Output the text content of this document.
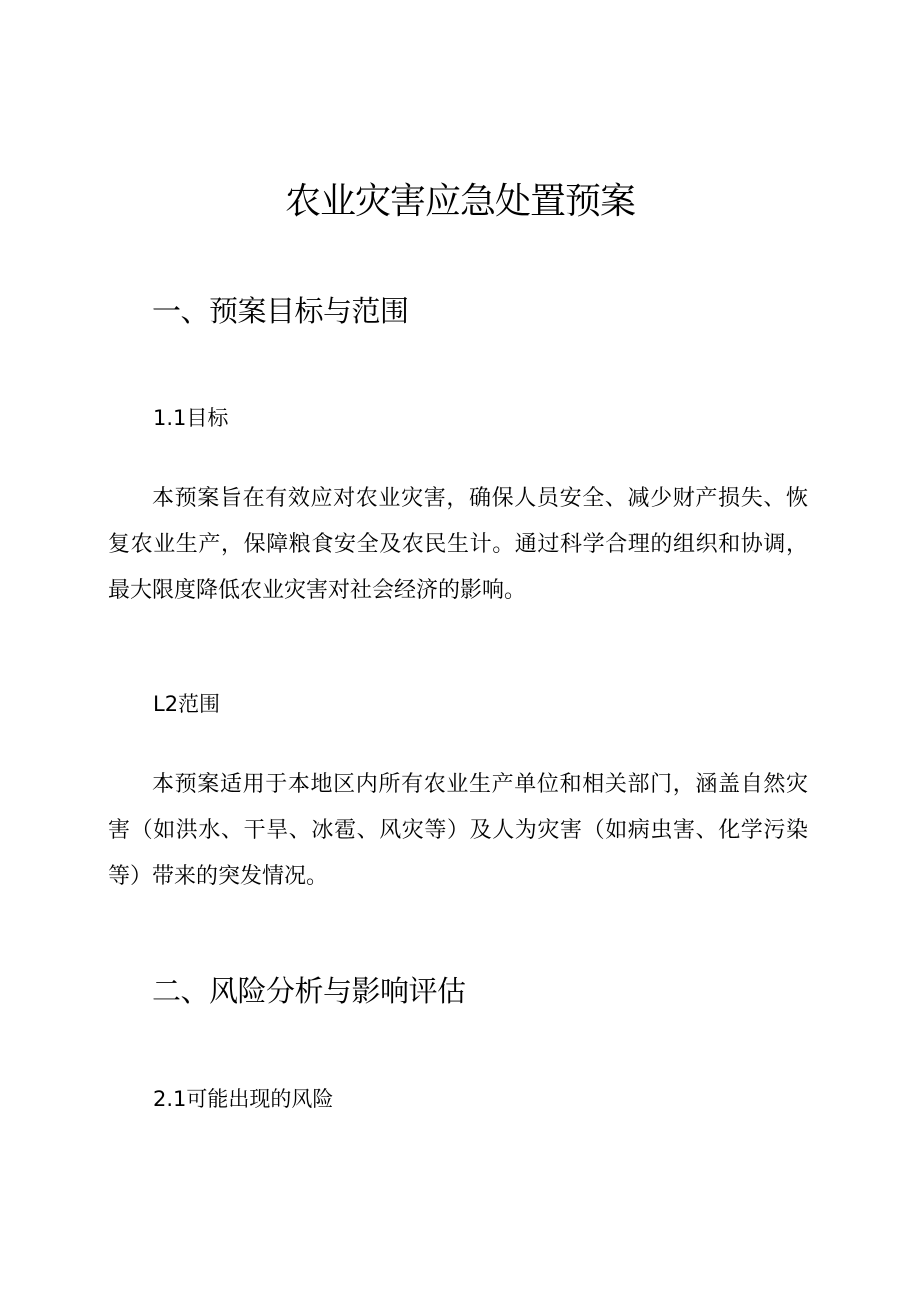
农业灾害应急处置预案
一、预案目标与范围
1.1目标
本预案旨在有效应对农业灾害，确保人员安全、减少财产损失、恢复农业生产，保障粮食安全及农民生计。通过科学合理的组织和协调，最大限度降低农业灾害对社会经济的影响。
L2范围
本预案适用于本地区内所有农业生产单位和相关部门，涵盖自然灾害（如洪水、干旱、冰雹、风灾等）及人为灾害（如病虫害、化学污染等）带来的突发情况。
二、风险分析与影响评估
2.1可能出现的风险
